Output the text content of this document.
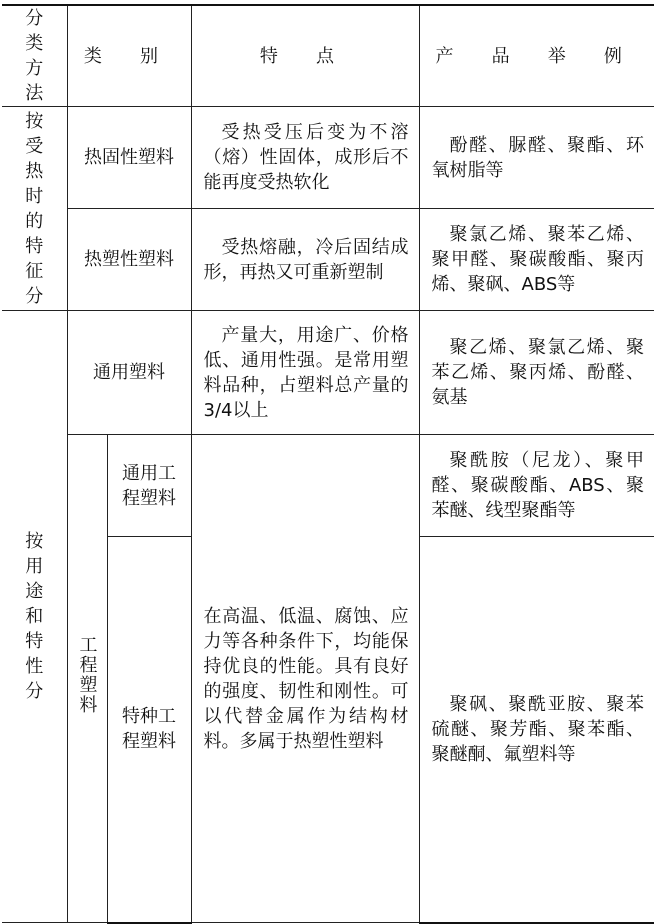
分类方法	类 别		特 点	产 品 举 例
按受热时的特征分	热固性塑料		受热受压后变为不溶（熔）性固体，成形后不能再度受热软化	酚醛、脲醛、聚酯、环氧树脂等
	热塑性塑料		受热熔融，冷后固结成形，再热又可重新塑制	聚氯乙烯、聚苯乙烯、聚甲醛、聚碳酸酯、聚丙烯、聚砜、ABS等
按用途和特性分	通用塑料		产量大，用途广、价格低、通用性强。是常用塑料品种，占塑料总产量的 3/4以上	聚乙烯、聚氯乙烯、聚苯乙烯、聚丙烯、酚醛、氨基
	工程塑料	通用工程塑料	在高温、低温、腐蚀、应力等各种条件下，均能保持优良的性能。具有良好的强度、韧性和刚性。可以代替金属作为结构材料。多属于热塑性塑料	聚酰胺（尼龙）、聚甲醛、聚碳酸酯、ABS、聚苯醚、线型聚酯等
		特种工程塑料		聚砜、聚酰亚胺、聚苯硫醚、聚芳酯、聚苯酯、聚醚酮、氟塑料等
